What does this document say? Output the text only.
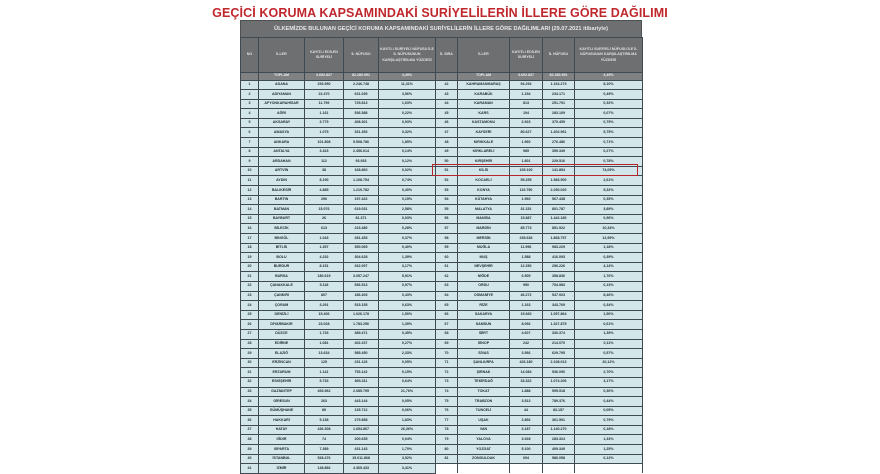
GEÇİCİ KORUMA KAPSAMINDAKİ SURİYELİLERİN İLLERE GÖRE DAĞILIMI
ÜLKEMİZDE BULUNAN GEÇİCİ KORUMA KAPSAMINDAKİ SURİYELİLERİN İLLERE GÖRE DAĞILIMLARI (29.07.2021 itibariyle)
NO	İLLER	KAYITLI EDİLEN SURİYELİ	İL NÜFUSU	KAYITLI SURİYELİ NÜFUSU İLE İL NÜFUSUNUN KARŞILAŞTIRILMA YÜZDESİ	İL SIRA	İLLER	KAYITLI EDİLEN SURİYELİ	İL NÜFUSU	KAYITLI SURİYELİ NÜFUSU İLE İL NÜFUSUNUN KARŞILAŞTIRILMA YÜZDESİ
	TOPLAM	3.692.837	82.280.951	4,49%		TOPLAM	3.692.837	82.280.951	4,49%
1	ADANA	253.950	2.246.748	11,31%	42	KAHRAMANMARAŞ	94.294	1.164.273	8,10%
2	ADIYAMAN	22.470	631.039	3,56%	43	KARABÜK	1.154	234.171	0,49%
3	AFYONKARAHİSAR	11.799	725.813	1,63%	44	KARAMAN	813	251.791	0,32%
4	AĞRI	1.161	536.588	0,22%	45	KARS	194	283.109	0,07%
5	AKSARAY	3.779	408.301	0,93%	46	KASTAMONU	2.923	370.459	0,79%
6	AMASYA	1.075	331.353	0,32%	47	KAYSERİ	80.627	1.402.961	5,75%
7	ANKARA	101.808	5.508.786	1,85%	48	KIRIKKALE	1.960	276.486	0,71%
8	ANTALYA	3.323	2.456.614	0,14%	49	KIRKLARELİ	985	359.349	0,27%
9	ARDAHAN	112	93.933	0,12%	50	KIRŞEHİR	1.801	229.516	0,78%
10	ARTVİN	38	168.860	0,02%	51	KİLİS	105.100	141.854	74,09%
11	AYDIN	8.190	1.108.754	0,74%	52	KOCAELİ	55.255	1.983.500	2,61%
12	BALIKESİR	4.885	1.219.782	0,40%	53	KONYA	119.750	2.250.020	5,32%
13	BARTIN	296	197.422	0,15%	54	KÜTAHYA	1.960	567.438	0,35%
14	BATMAN	15.076	619.031	2,58%	55	MALATYA	31.151	801.787	3,89%
15	BAYBURT	26	81.371	0,03%	56	MANİSA	15.887	1.442.180	0,96%
16	BİLECİK	613	223.480	0,28%	57	MARDİN	85.773	851.922	10,34%
17	BİNGÖL	1.043	281.453	0,37%	58	MERSİN	235.636	1.868.757	12,59%
18	BİTLİS	1.357	350.065	0,40%	59	MUĞLA	11.996	983.229	1,18%
19	BOLU	4.232	304.628	1,39%	60	MUŞ	1.588	416.093	0,39%
20	BURDUR	8.151	262.097	3,17%	61	NEVŞEHİR	12.250	296.226	4,14%
21	BURSA	180.619	3.057.247	5,91%	62	NİĞDE	6.505	358.836	1,76%
22	ÇANAKKALE	5.118	536.513	0,97%	63	ORDU	950	754.983	0,13%
23	ÇANKIRI	807	186.403	0,43%	64	OSMANİYE	46.272	547.923	8,46%
24	ÇORUM	3.291	515.155	0,63%	65	RİZE	1.163	343.769	0,34%
25	DENİZLİ	15.406	1.026.178	1,50%	66	SAKARYA	15.660	1.057.864	1,50%
26	DİYARBAKIR	23.028	1.783.256	1,39%	67	SAMSUN	8.066	1.327.875	0,61%
27	DÜZCE	1.733	389.471	0,45%	68	SİİRT	4.607	330.374	1,39%
28	EDİRNE	1.081	402.237	0,27%	69	SİNOP	242	214.070	0,11%
29	ELAZIĞ	13.634	585.450	2,33%	70	SİVAS	3.566	629.795	0,57%
30	ERZİNCAN	125	231.126	0,05%	71	ŞANLIURFA	426.180	2.108.013	20,12%
31	ERZURUM	1.141	753.142	0,15%	72	ŞIRNAK	14.084	536.090	2,70%
32	ESKİŞEHİR	5.733	893.311	0,64%	73	TEKİRDAĞ	33.322	1.074.206	3,17%
33	GAZİANTEP	453.962	2.085.795	21,76%	74	TOKAT	1.888	595.518	0,30%
34	GİRESUN	263	443.144	0,05%	75	TRABZON	3.513	789.376	0,44%
35	GÜMÜŞHANE	89	135.712	0,06%	76	TUNCELİ	44	83.157	0,05%
36	HAKKARİ	5.138	279.858	1,83%	77	UŞAK	2.866	361.591	0,79%
37	HATAY	436.308	1.654.867	26,36%	78	VAN	3.187	1.140.270	0,18%
38	IĞDIR	74	200.635	0,04%	79	YALOVA	3.928	283.324	1,33%
39	ISPARTA	7.389	431.143	1,70%	80	YOZGAT	5.100	409.349	1,25%
40	İSTANBUL	528.476	15.011.868	3,52%	81	ZONGULDAK	694	586.058	0,12%
41	İZMİR	148.866	4.365.433	3,41%					
